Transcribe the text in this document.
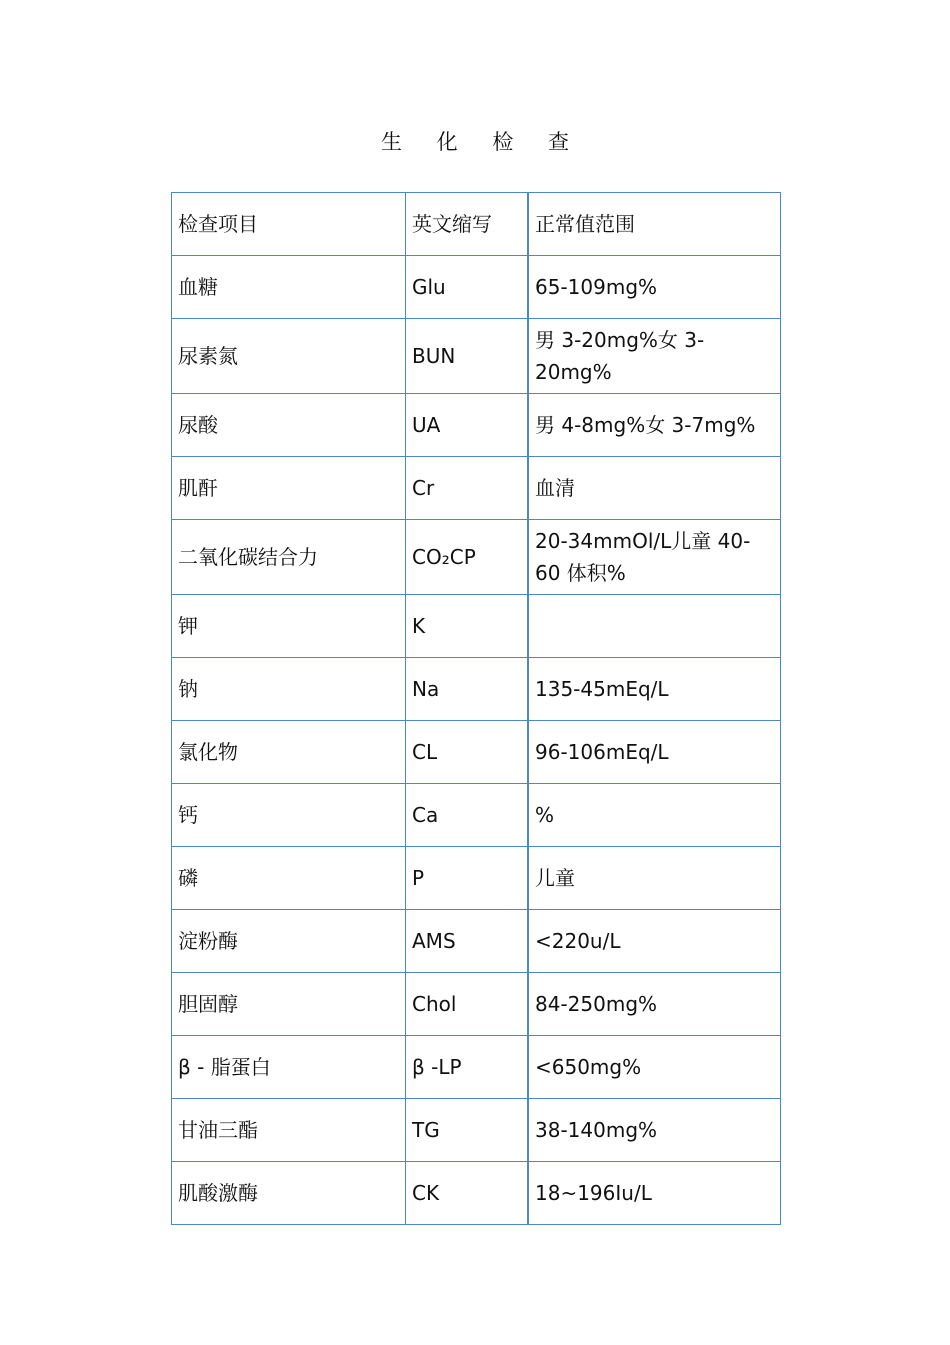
生 化 检 查
检查项目	英文缩写	正常值范围
血糖	Glu	65-109mg%
尿素氮	BUN	男 3-20mg%女 3-20mg%
尿酸	UA	男 4-8mg%女 3-7mg%
肌酐	Cr	血清
二氧化碳结合力	CO₂CP	20-34mmOl/L儿童 40-60 体积%
钾	K	
钠	Na	135-45mEq/L
氯化物	CL	96-106mEq/L
钙	Ca	%
磷	P	儿童
淀粉酶	AMS	<220u/L
胆固醇	Chol	84-250mg%
β - 脂蛋白	β -LP	<650mg%
甘油三酯	TG	38-140mg%
肌酸激酶	CK	18~196Iu/L
